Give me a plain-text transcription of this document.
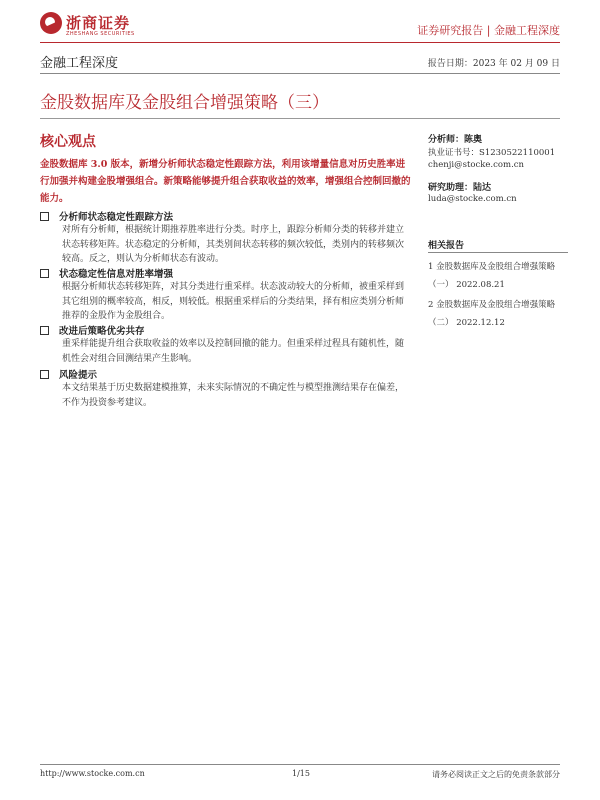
浙商证券
ZHESHANG SECURITIES	证券研究报告 | 金融工程深度
金融工程深度	报告日期：2023 年 02 月 09 日
金股数据库及金股组合增强策略（三）
核心观点
金股数据库 3.0 版本，新增分析师状态稳定性跟踪方法，利用该增量信息对历史胜率进行加强并构建金股增强组合。新策略能够提升组合获取收益的效率，增强组合控制回撤的能力。
分析师状态稳定性跟踪方法
对所有分析师，根据统计期推荐胜率进行分类。时序上，跟踪分析师分类的转移并建立状态转移矩阵。状态稳定的分析师，其类别间状态转移的频次较低，类别内的转移频次较高。反之，则认为分析师状态有波动。
状态稳定性信息对胜率增强
根据分析师状态转移矩阵，对其分类进行重采样。状态波动较大的分析师，被重采样到其它组别的概率较高，相反，则较低。根据重采样后的分类结果，择有相应类别分析师推荐的金股作为金股组合。
改进后策略优劣共存
重采样能提升组合获取收益的效率以及控制回撤的能力。但重采样过程具有随机性，随机性会对组合回测结果产生影响。
风险提示
本文结果基于历史数据建模推算，未来实际情况的不确定性与模型推测结果存在偏差，不作为投资参考建议。
分析师：陈奥
执业证书号：S1230522110001
chenji@stocke.com.cn
研究助理：陆达
luda@stocke.com.cn
相关报告
1 金股数据库及金股组合增强策略（一） 2022.08.21
2 金股数据库及金股组合增强策略（二） 2022.12.12
http://www.stocke.com.cn	1/15	请务必阅读正文之后的免责条款部分
